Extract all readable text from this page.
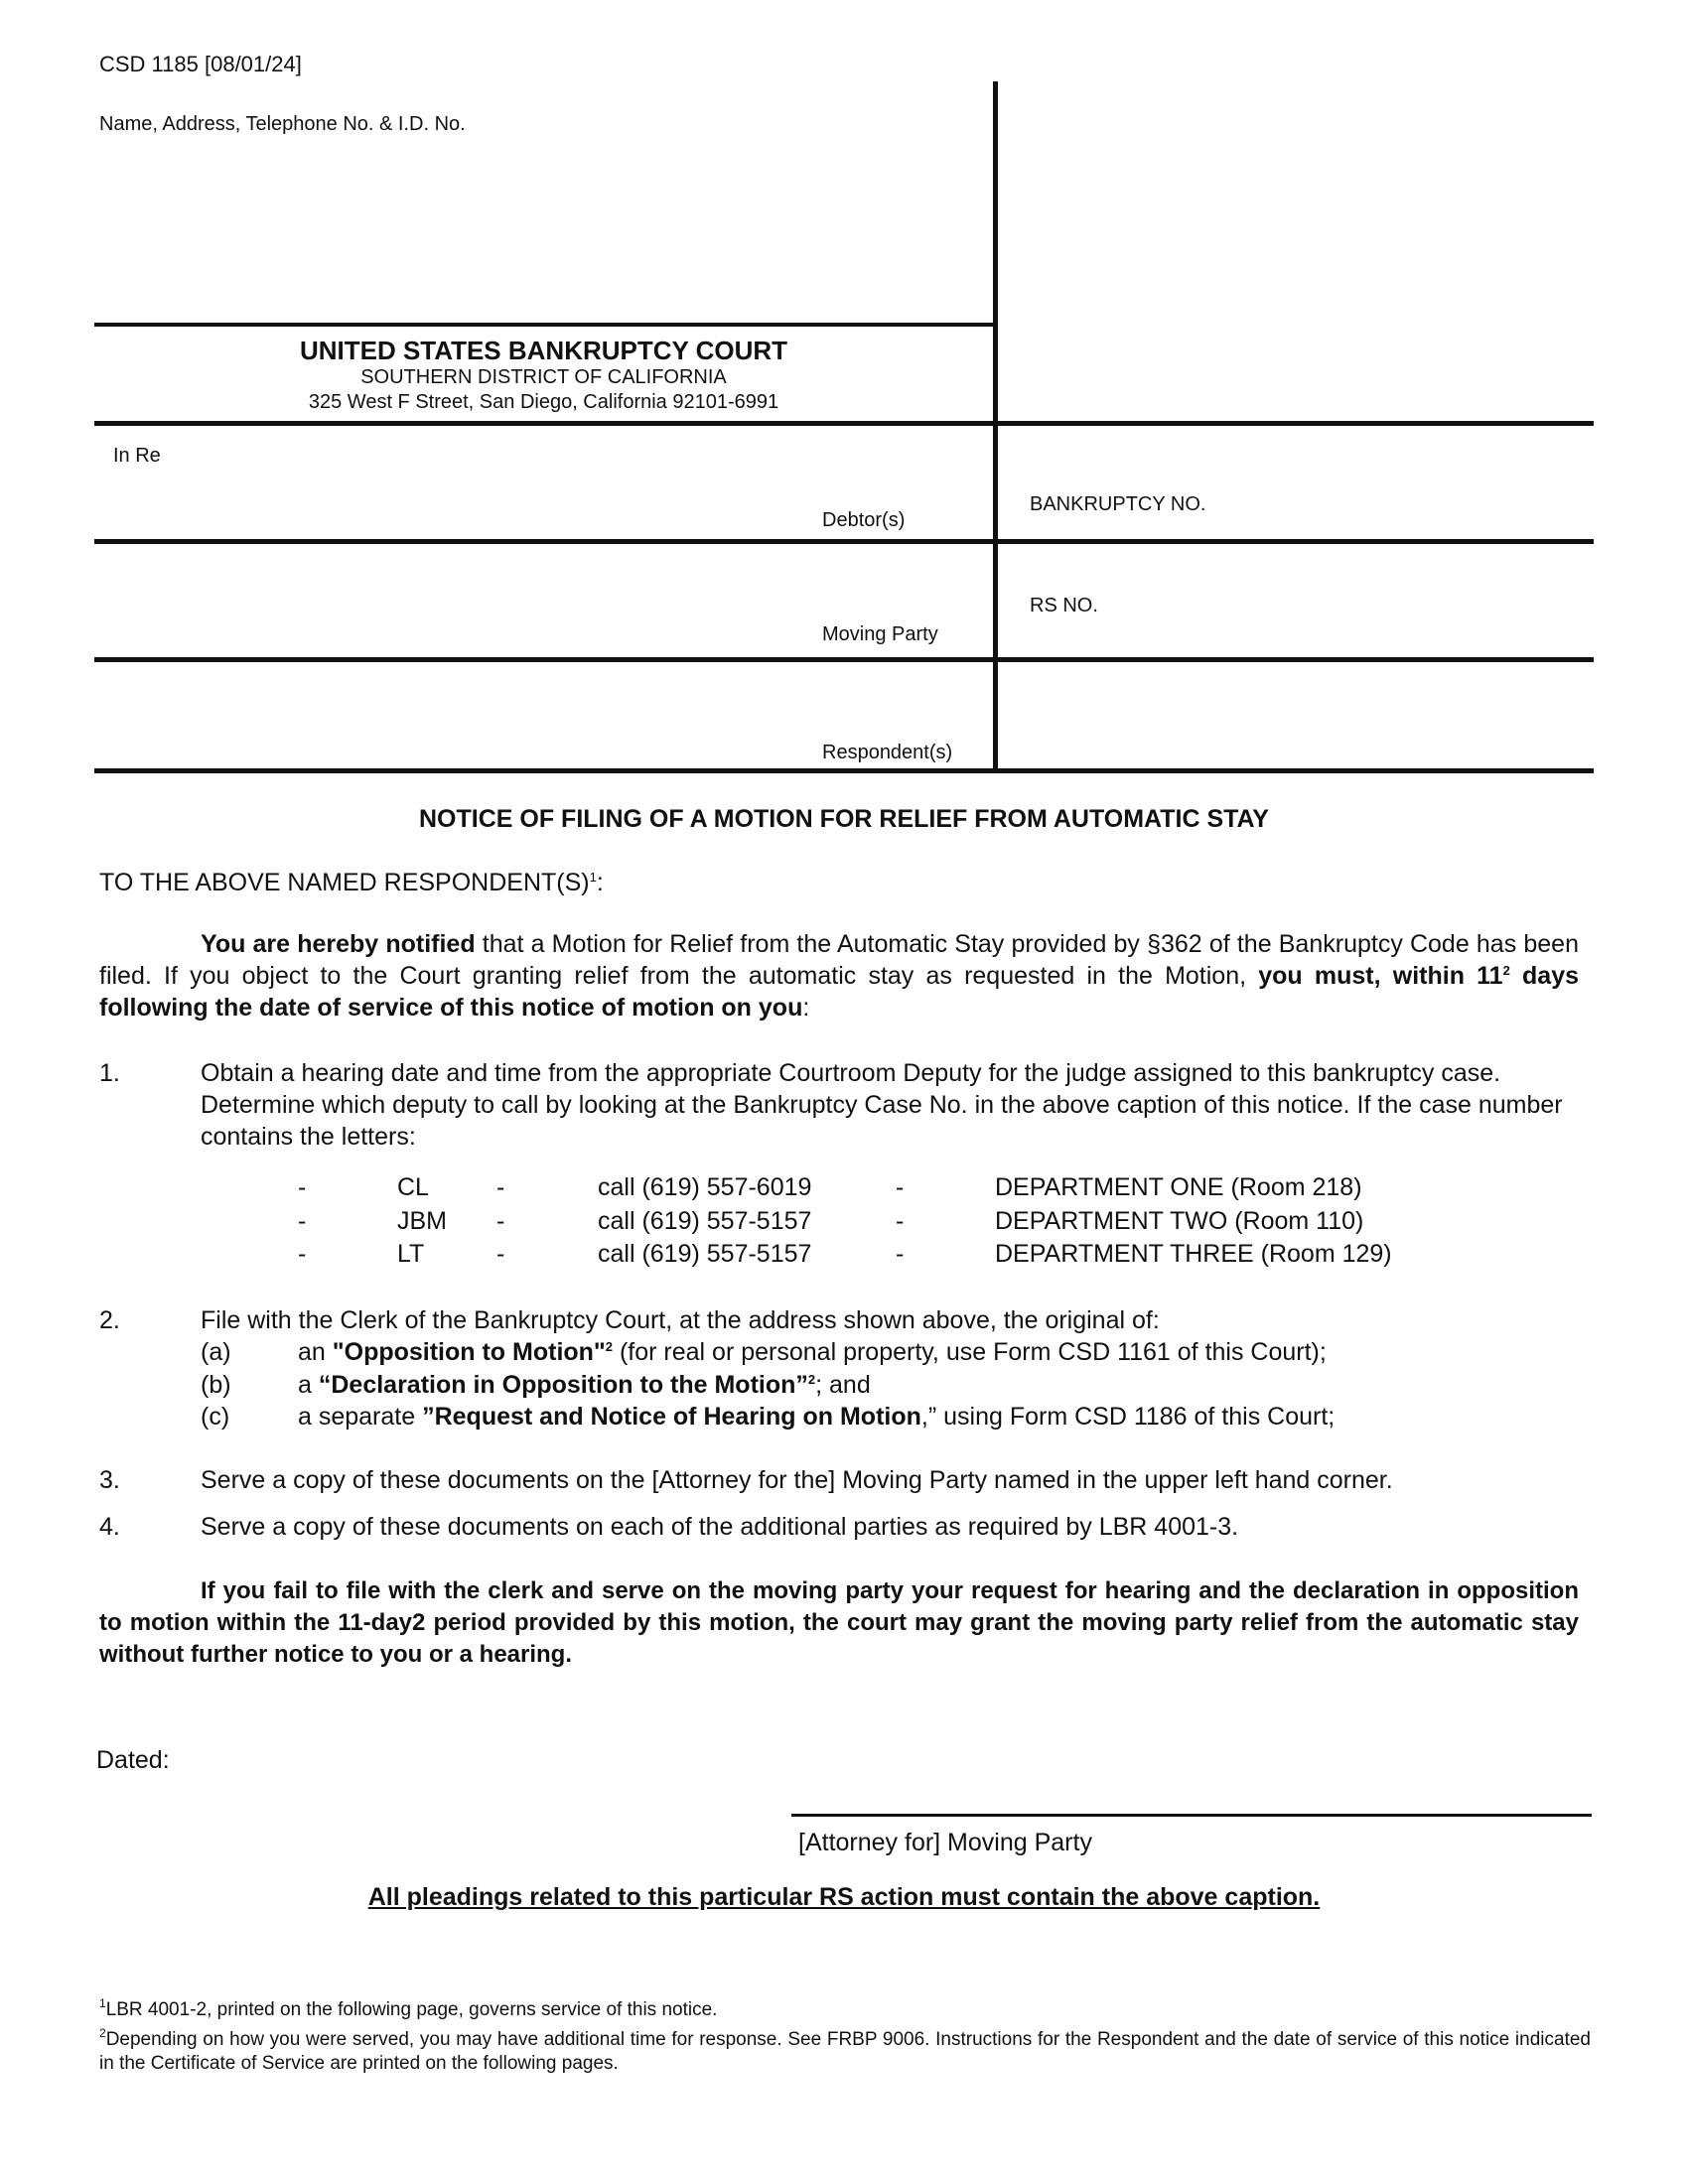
CSD 1185 [08/01/24]
Name, Address, Telephone No. & I.D. No.
UNITED STATES BANKRUPTCY COURT
SOUTHERN DISTRICT OF CALIFORNIA
325 West F Street, San Diego, California 92101-6991
In Re
Debtor(s)
BANKRUPTCY NO.
Moving Party
RS NO.
Respondent(s)
NOTICE OF FILING OF A MOTION FOR RELIEF FROM AUTOMATIC STAY
TO THE ABOVE NAMED $RESPONDENT(S)^1$:
You are hereby notified that a Motion for Relief from the Automatic Stay provided by §362 of the Bankruptcy Code has been filed. If you object to the Court granting relief from the automatic stay as requested in the Motion, you must, within $11^2$ days following the date of service of this notice of motion on you:
1.	Obtain a hearing date and time from the appropriate Courtroom Deputy for the judge assigned to this bankruptcy case. Determine which deputy to call by looking at the Bankruptcy Case No. in the above caption of this notice. If the case number contains the letters:
-	CL	-	call (619) 557-6019	-	DEPARTMENT ONE (Room 218)
-	JBM -	call (619) 557-5157	-	DEPARTMENT TWO (Room 110)
-	LT	-	call (619) 557-5157	-	DEPARTMENT THREE (Room 129)
2.	File with the Clerk of the Bankruptcy Court, at the address shown above, the original of:
(a)	an "Opposition to Motion"$^2$ (for real or personal property, use Form CSD 1161 of this Court);
(b)	a “Declaration in Opposition to the Motion”$^2$; and
(c)	a separate ”Request and Notice of Hearing on Motion,” using Form CSD 1186 of this Court;
3.	Serve a copy of these documents on the [Attorney for the] Moving Party named in the upper left hand corner.
4.	Serve a copy of these documents on each of the additional parties as required by LBR 4001-3.
If you fail to file with the clerk and serve on the moving party your request for hearing and the declaration in opposition to motion within the 11-day2 period provided by this motion, the court may grant the moving party relief from the automatic stay without further notice to you or a hearing.
Dated:
[Attorney for] Moving Party
All pleadings related to this particular RS action must contain the above caption.
$^1$LBR 4001-2, printed on the following page, governs service of this notice.
$^2$Depending on how you were served, you may have additional time for response. See FRBP 9006. Instructions for the Respondent and the date of service of this notice indicated in the Certificate of Service are printed on the following pages.
